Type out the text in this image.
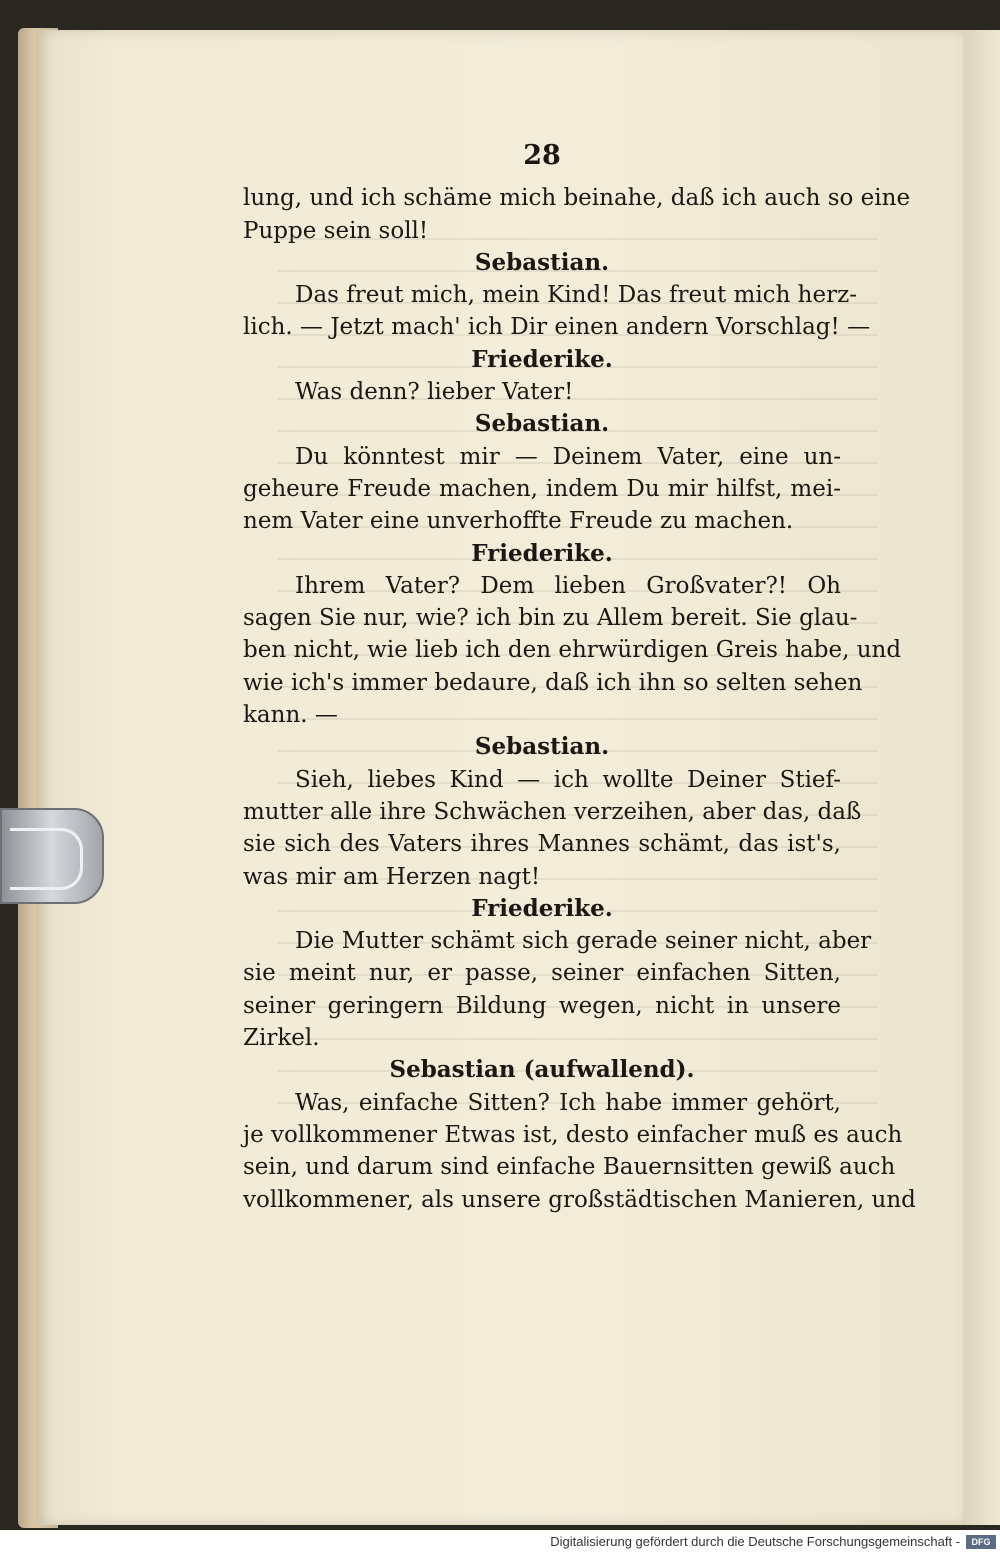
28
lung, und ich schäme mich beinahe, daß ich auch so eine
Puppe sein soll!
Sebastian.
Das freut mich, mein Kind! Das freut mich herz-
lich. — Jetzt mach' ich Dir einen andern Vorschlag! —
Friederike.
Was denn? lieber Vater!
Sebastian.
Du könntest mir — Deinem Vater, eine un-
geheure Freude machen, indem Du mir hilfst, mei-
nem Vater eine unverhoffte Freude zu machen.
Friederike.
Ihrem Vater? Dem lieben Großvater?! Oh
sagen Sie nur, wie? ich bin zu Allem bereit. Sie glau-
ben nicht, wie lieb ich den ehrwürdigen Greis habe, und
wie ich's immer bedaure, daß ich ihn so selten sehen
kann. —
Sebastian.
Sieh, liebes Kind — ich wollte Deiner Stief-
mutter alle ihre Schwächen verzeihen, aber das, daß
sie sich des Vaters ihres Mannes schämt, das ist's,
was mir am Herzen nagt!
Friederike.
Die Mutter schämt sich gerade seiner nicht, aber
sie meint nur, er passe, seiner einfachen Sitten,
seiner geringern Bildung wegen, nicht in unsere
Zirkel.
Sebastian (aufwallend).
Was, einfache Sitten? Ich habe immer gehört,
je vollkommener Etwas ist, desto einfacher muß es auch
sein, und darum sind einfache Bauernsitten gewiß auch
vollkommener, als unsere großstädtischen Manieren, und
Digitalisierung gefördert durch die Deutsche Forschungsgemeinschaft -	DFG
